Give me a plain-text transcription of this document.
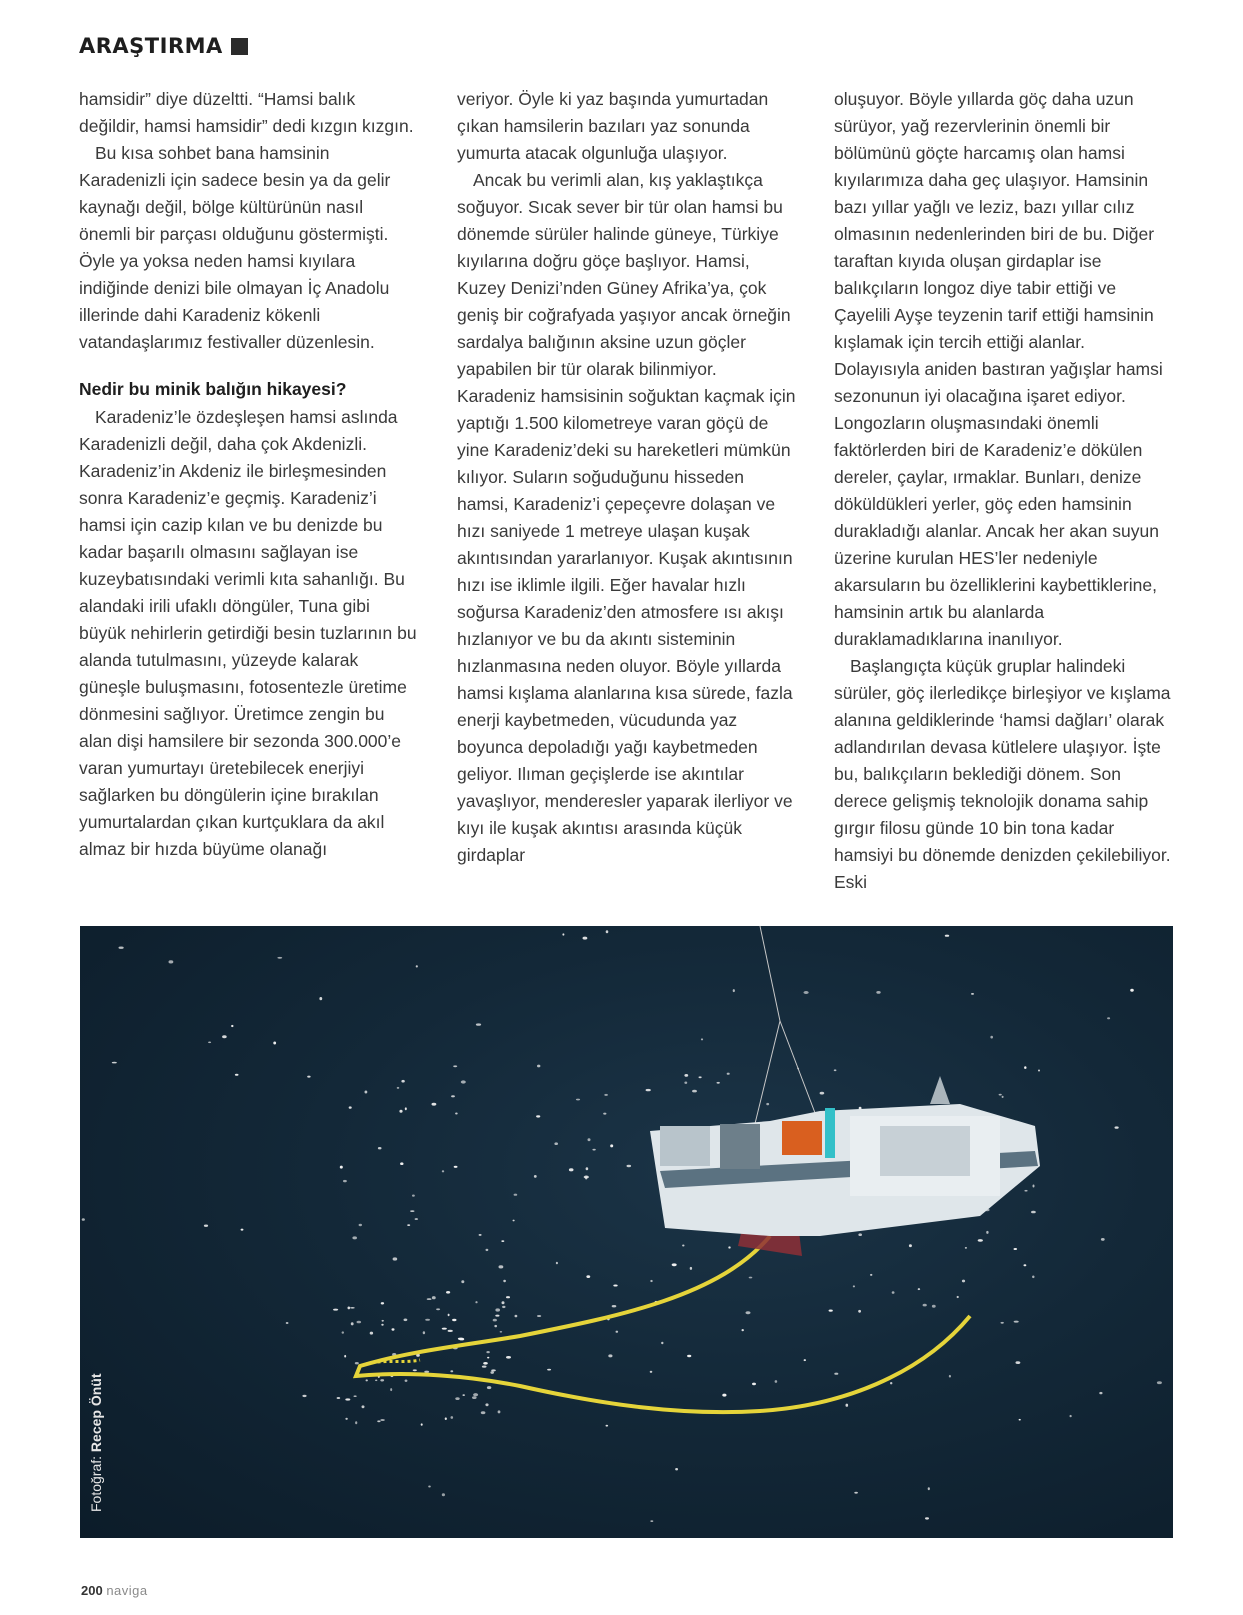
ARAŞTIRMA

hamsidir” diye düzeltti. “Hamsi balık değildir, hamsi hamsidir” dedi kızgın kızgın.

Bu kısa sohbet bana hamsinin Karadenizli için sadece besin ya da gelir kaynağı değil, bölge kültürünün nasıl önemli bir parçası olduğunu göstermişti. Öyle ya yoksa neden hamsi kıyılara indiğinde denizi bile olmayan İç Anadolu illerinde dahi Karadeniz kökenli vatandaşlarımız festivaller düzenlesin.

Nedir bu minik balığın hikayesi?

Karadeniz’le özdeşleşen hamsi aslında Karadenizli değil, daha çok Akdenizli. Karadeniz’in Akdeniz ile birleşmesinden sonra Karadeniz’e geçmiş. Karadeniz’i hamsi için cazip kılan ve bu denizde bu kadar başarılı olmasını sağlayan ise kuzeybatısındaki verimli kıta sahanlığı. Bu alandaki irili ufaklı döngüler, Tuna gibi büyük nehirlerin getirdiği besin tuzlarının bu alanda tutulmasını, yüzeyde kalarak güneşle buluşmasını, fotosentezle üretime dönmesini sağlıyor. Üretimce zengin bu alan dişi hamsilere bir sezonda 300.000’e varan yumurtayı üretebilecek enerjiyi sağlarken bu döngülerin içine bırakılan yumurtalardan çıkan kurtçuklara da akıl almaz bir hızda büyüme olanağı

veriyor. Öyle ki yaz başında yumurtadan çıkan hamsilerin bazıları yaz sonunda yumurta atacak olgunluğa ulaşıyor.

Ancak bu verimli alan, kış yaklaştıkça soğuyor. Sıcak sever bir tür olan hamsi bu dönemde sürüler halinde güneye, Türkiye kıyılarına doğru göçe başlıyor. Hamsi, Kuzey Denizi’nden Güney Afrika’ya, çok geniş bir coğrafyada yaşıyor ancak örneğin sardalya balığının aksine uzun göçler yapabilen bir tür olarak bilinmiyor. Karadeniz hamsisinin soğuktan kaçmak için yaptığı 1.500 kilometreye varan göçü de yine Karadeniz’deki su hareketleri mümkün kılıyor. Suların soğuduğunu hisseden hamsi, Karadeniz’i çepeçevre dolaşan ve hızı saniyede 1 metreye ulaşan kuşak akıntısından yararlanıyor. Kuşak akıntısının hızı ise iklimle ilgili. Eğer havalar hızlı soğursa Karadeniz’den atmosfere ısı akışı hızlanıyor ve bu da akıntı sisteminin hızlanmasına neden oluyor. Böyle yıllarda hamsi kışlama alanlarına kısa sürede, fazla enerji kaybetmeden, vücudunda yaz boyunca depoladığı yağı kaybetmeden geliyor. Ilıman geçişlerde ise akıntılar yavaşlıyor, menderesler yaparak ilerliyor ve kıyı ile kuşak akıntısı arasında küçük girdaplar

oluşuyor. Böyle yıllarda göç daha uzun sürüyor, yağ rezervlerinin önemli bir bölümünü göçte harcamış olan hamsi kıyılarımıza daha geç ulaşıyor. Hamsinin bazı yıllar yağlı ve leziz, bazı yıllar cılız olmasının nedenlerinden biri de bu. Diğer taraftan kıyıda oluşan girdaplar ise balıkçıların longoz diye tabir ettiği ve Çayelili Ayşe teyzenin tarif ettiği hamsinin kışlamak için tercih ettiği alanlar. Dolayısıyla aniden bastıran yağışlar hamsi sezonunun iyi olacağına işaret ediyor. Longozların oluşmasındaki önemli faktörlerden biri de Karadeniz’e dökülen dereler, çaylar, ırmaklar. Bunları, denize döküldükleri yerler, göç eden hamsinin durakladığı alanlar. Ancak her akan suyun üzerine kurulan HES’ler nedeniyle akarsuların bu özelliklerini kaybettiklerine, hamsinin artık bu alanlarda duraklamadıklarına inanılıyor.

Başlangıçta küçük gruplar halindeki sürüler, göç ilerledikçe birleşiyor ve kışlama alanına geldiklerinde ‘hamsi dağları’ olarak adlandırılan devasa kütlelere ulaşıyor. İşte bu, balıkçıların beklediği dönem. Son derece gelişmiş teknolojik donama sahip gırgır filosu günde 10 bin tona kadar hamsiyi bu dönemde denizden çekilebiliyor. Eski

Fotoğraf: Recep Önüt
200 naviga
